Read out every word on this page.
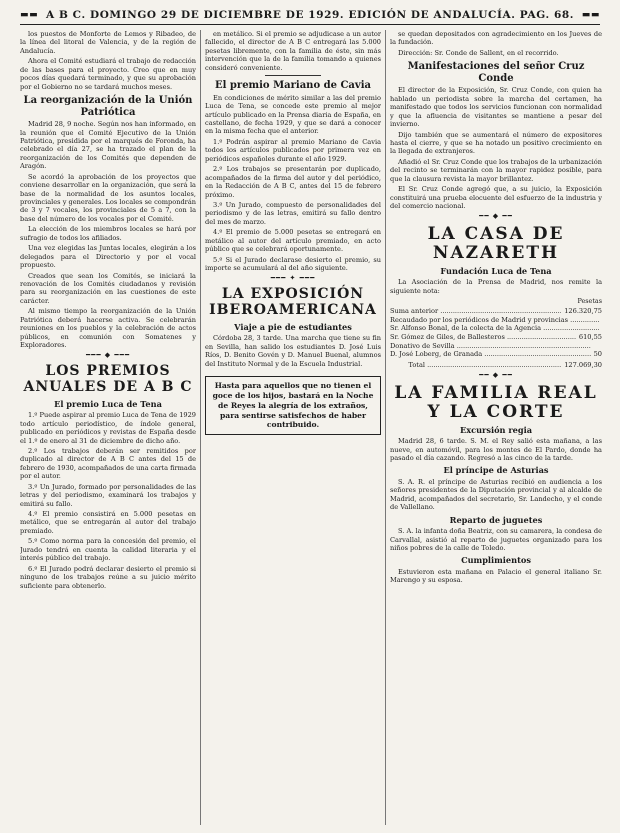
▬▬ A B C. DOMINGO 29 DE DICIEMBRE DE 1929. EDICIÓN DE ANDALUCÍA. PAG. 68. ▬▬

los puestos de Monforte de Lemos y Ribadeo, de la línea del litoral de Valencia, y de la región de Andalucía.

Ahora el Comité estudiará el trabajo de redacción de las bases para el proyecto. Creo que en muy pocos días quedará terminado, y que su aprobación por el Gobierno no se tardará muchos meses.

La reorganización de la Unión Patriótica

Madrid 28, 9 noche. Según nos han informado, en la reunión que el Comité Ejecutivo de la Unión Patriótica, presidida por el marqués de Foronda, ha celebrado el día 27, se ha trazado el plan de la reorganización de los Comités que dependen de Aragón.

Se acordó la aprobación de los proyectos que conviene desarrollar en la organización, que será la base de la normalidad de los asuntos locales, provinciales y generales. Los locales se compondrán de 3 y 7 vocales, los provinciales de 5 a 7, con la base del número de los vocales por el Comité.

La elección de los miembros locales se hará por sufragio de todos los afiliados.

Una vez elegidas las Juntas locales, elegirán a los delegados para el Directorio y por el vocal propuesto.

Creados que sean los Comités, se iniciará la renovación de los Comités ciudadanos y revisión para su reorganización en las cuestiones de este carácter.

Al mismo tiempo la reorganización de la Unión Patriótica deberá hacerse activa. Se celebrarán reuniones en los pueblos y la celebración de actos públicos, en comunión con Somatenes y Exploradores.

━━━ ◆ ━━━
LOS PREMIOS ANUALES DE A B C
El premio Luca de Tena

1.º Puede aspirar al premio Luca de Tena de 1929 todo artículo periodístico, de índole general, publicado en periódicos y revistas de España desde el 1.º de enero al 31 de diciembre de dicho año.

2.º Los trabajos deberán ser remitidos por duplicado al director de A B C antes del 15 de febrero de 1930, acompañados de una carta firmada por el autor.

3.º Un Jurado, formado por personalidades de las letras y del periodismo, examinará los trabajos y emitirá su fallo.

4.º El premio consistirá en 5.000 pesetas en metálico, que se entregarán al autor del trabajo premiado.

5.º Como norma para la concesión del premio, el Jurado tendrá en cuenta la calidad literaria y el interés público del trabajo.

6.º El Jurado podrá declarar desierto el premio si ninguno de los trabajos reúne a su juicio mérito suficiente para obtenerlo.

en metálico. Si el premio se adjudicase a un autor fallecido, el director de A B C entregará las 5.000 pesetas libremente, con la familia de éste, sin más intervención que la de la familia tomando a quienes consideró conveniente.

El premio Mariano de Cavia

En condiciones de mérito similar a las del premio Luca de Tena, se concede este premio al mejor artículo publicado en la Prensa diaria de España, en castellano, de fecha 1929, y que se dará a conocer en la misma fecha que el anterior.

1.º Podrán aspirar al premio Mariano de Cavia todos los artículos publicados por primera vez en periódicos españoles durante el año 1929.

2.º Los trabajos se presentarán por duplicado, acompañados de la firma del autor y del periódico, en la Redacción de A B C, antes del 15 de febrero próximo.

3.º Un Jurado, compuesto de personalidades del periodismo y de las letras, emitirá su fallo dentro del mes de marzo.

4.º El premio de 5.000 pesetas se entregará en metálico al autor del artículo premiado, en acto público que se celebrará oportunamente.

5.º Si el Jurado declarase desierto el premio, su importe se acumulará al del año siguiente.

━━━ ✦ ━━━
LA EXPOSICIÓN IBEROAMERICANA
Viaje a pie de estudiantes

Córdoba 28, 3 tarde. Una marcha que tiene su fin en Sevilla, han salido los estudiantes D. José Luis Ríos, D. Benito Govén y D. Manuel Buenal, alumnos del Instituto Normal y de la Escuela Industrial.

Hasta para aquellos que no tienen el goce de los hijos, bastará en la Noche de Reyes la alegría de los extraños, para sentirse satisfechos de haber contribuido.

se quedan depositados con agradecimiento en los Jueves de la fundación.

Dirección: Sr. Conde de Sallent, en el recorrido.

Manifestaciones del señor Cruz Conde

El director de la Exposición, Sr. Cruz Conde, con quien ha hablado un periodista sobre la marcha del certamen, ha manifestado que todos los servicios funcionan con normalidad y que la afluencia de visitantes se mantiene a pesar del invierno.

Dijo también que se aumentará el número de expositores hasta el cierre, y que se ha notado un positivo crecimiento en la llegada de extranjeros.

Añadió el Sr. Cruz Conde que los trabajos de la urbanización del recinto se terminarán con la mayor rapidez posible, para que la clausura revista la mayor brillantez.

El Sr. Cruz Conde agregó que, a su juicio, la Exposición constituirá una prueba elocuente del esfuerzo de la industria y del comercio nacional.

━━ ◆ ━━
LA CASA DE NAZARETH
Fundación Luca de Tena

La Asociación de la Prensa de Madrid, nos remite la siguiente nota:

Pesetas
Suma anterior .....	126.320,75
Recaudado por los periódicos de Madrid y provincias .....
Sr. Alfonso Bonal, de la colecta de la Agencia .....
Sr. Gómez de Giles, de Ballesteros .....	610,55
Donativo de Sevilla .....
D. José Loberg, de Granada .....	50
Total .....	127.069,30
━━ ◆ ━━
LA FAMILIA REAL Y LA CORTE
Excursión regia

Madrid 28, 6 tarde. S. M. el Rey salió esta mañana, a las nueve, en automóvil, para los montes de El Pardo, donde ha pasado el día cazando. Regresó a las cinco de la tarde.

El príncipe de Asturias

S. A. R. el príncipe de Asturias recibió en audiencia a los señores presidentes de la Diputación provincial y al alcalde de Madrid, acompañados del secretario, Sr. Landecho, y el conde de Vallellano.

Reparto de juguetes

S. A. la infanta doña Beatriz, con su camarera, la condesa de Carvallal, asistió al reparto de juguetes organizado para los niños pobres de la calle de Toledo.

Cumplimientos

Estuvieron esta mañana en Palacio el general italiano Sr. Marengo y su esposa.
